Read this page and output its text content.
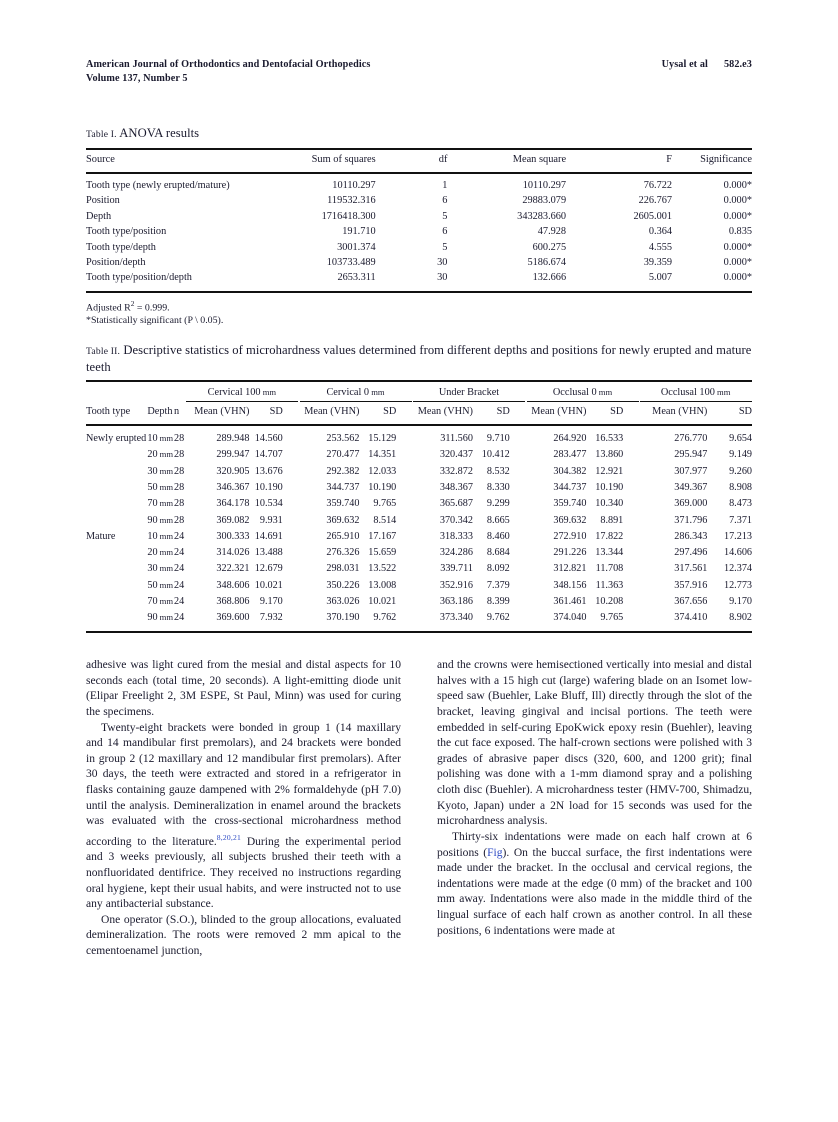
American Journal of Orthodontics and Dentofacial Orthopedics
Volume 137, Number 5
Uysal et al 582.e3
Table I. ANOVA results
Source	Sum of squares	df	Mean square	F	Significance
Tooth type (newly erupted/mature)	10110.297	1	10110.297	76.722	0.000*
Position	119532.316	6	29883.079	226.767	0.000*
Depth	1716418.300	5	343283.660	2605.001	0.000*
Tooth type/position	191.710	6	47.928	0.364	0.835
Tooth type/depth	3001.374	5	600.275	4.555	0.000*
Position/depth	103733.489	30	5186.674	39.359	0.000*
Tooth type/position/depth	2653.311	30	132.666	5.007	0.000*
Adjusted $R^2 = 0.999$.
*Statistically significant (P \ 0.05).
Table II. Descriptive statistics of microhardness values determined from different depths and positions for newly erupted and mature teeth
			Cervical 100 mm		Cervical 0 mm		Under Bracket		Occlusal 0 mm		Occlusal 100 mm	
Tooth type	Depth	n	Mean (VHN)	SD	Mean (VHN)	SD	Mean (VHN)	SD	Mean (VHN)	SD	Mean (VHN)	SD
Newly erupted	10 mm	28	289.948	14.560	253.562	15.129	311.560	9.710	264.920	16.533	276.770	9.654
	20 mm	28	299.947	14.707	270.477	14.351	320.437	10.412	283.477	13.860	295.947	9.149
	30 mm	28	320.905	13.676	292.382	12.033	332.872	8.532	304.382	12.921	307.977	9.260
	50 mm	28	346.367	10.190	344.737	10.190	348.367	8.330	344.737	10.190	349.367	8.908
	70 mm	28	364.178	10.534	359.740	9.765	365.687	9.299	359.740	10.340	369.000	8.473
	90 mm	28	369.082	9.931	369.632	8.514	370.342	8.665	369.632	8.891	371.796	7.371
Mature	10 mm	24	300.333	14.691	265.910	17.167	318.333	8.460	272.910	17.822	286.343	17.213
	20 mm	24	314.026	13.488	276.326	15.659	324.286	8.684	291.226	13.344	297.496	14.606
	30 mm	24	322.321	12.679	298.031	13.522	339.711	8.092	312.821	11.708	317.561	12.374
	50 mm	24	348.606	10.021	350.226	13.008	352.916	7.379	348.156	11.363	357.916	12.773
	70 mm	24	368.806	9.170	363.026	10.021	363.186	8.399	361.461	10.208	367.656	9.170
	90 mm	24	369.600	7.932	370.190	9.762	373.340	9.762	374.040	9.765	374.410	8.902

adhesive was light cured from the mesial and distal aspects for 10 seconds each (total time, 20 seconds). A light-emitting diode unit (Elipar Freelight 2, 3M ESPE, St Paul, Minn) was used for curing the specimens.

Twenty-eight brackets were bonded in group 1 (14 maxillary and 14 mandibular first premolars), and 24 brackets were bonded in group 2 (12 maxillary and 12 mandibular first premolars). After 30 days, the teeth were extracted and stored in a refrigerator in flasks containing gauze dampened with 2% formaldehyde (pH 7.0) until the analysis. Demineralization in enamel around the brackets was evaluated with the cross-sectional microhardness method according to the literature.$^{8,20,21}$ During the experimental period and 3 weeks previously, all subjects brushed their teeth with a nonfluoridated dentifrice. They received no instructions regarding oral hygiene, kept their usual habits, and were instructed not to use any antibacterial substance.

One operator (S.O.), blinded to the group allocations, evaluated demineralization. The roots were removed 2 mm apical to the cementoenamel junction,

and the crowns were hemisectioned vertically into mesial and distal halves with a 15 high cut (large) wafering blade on an Isomet low-speed saw (Buehler, Lake Bluff, Ill) directly through the slot of the bracket, leaving gingival and incisal portions. The teeth were embedded in self-curing EpoKwick epoxy resin (Buehler), leaving the cut face exposed. The half-crown sections were polished with 3 grades of abrasive paper discs (320, 600, and 1200 grit); final polishing was done with a 1-mm diamond spray and a polishing cloth disc (Buehler). A microhardness tester (HMV-700, Shimadzu, Kyoto, Japan) under a 2N load for 15 seconds was used for the microhardness analysis.

Thirty-six indentations were made on each half crown at 6 positions (Fig). On the buccal surface, the first indentations were made under the bracket. In the occlusal and cervical regions, the indentations were made at the edge (0 mm) of the bracket and 100 mm away. Indentations were also made in the middle third of the lingual surface of each half crown as another control. In all these positions, 6 indentations were made at
